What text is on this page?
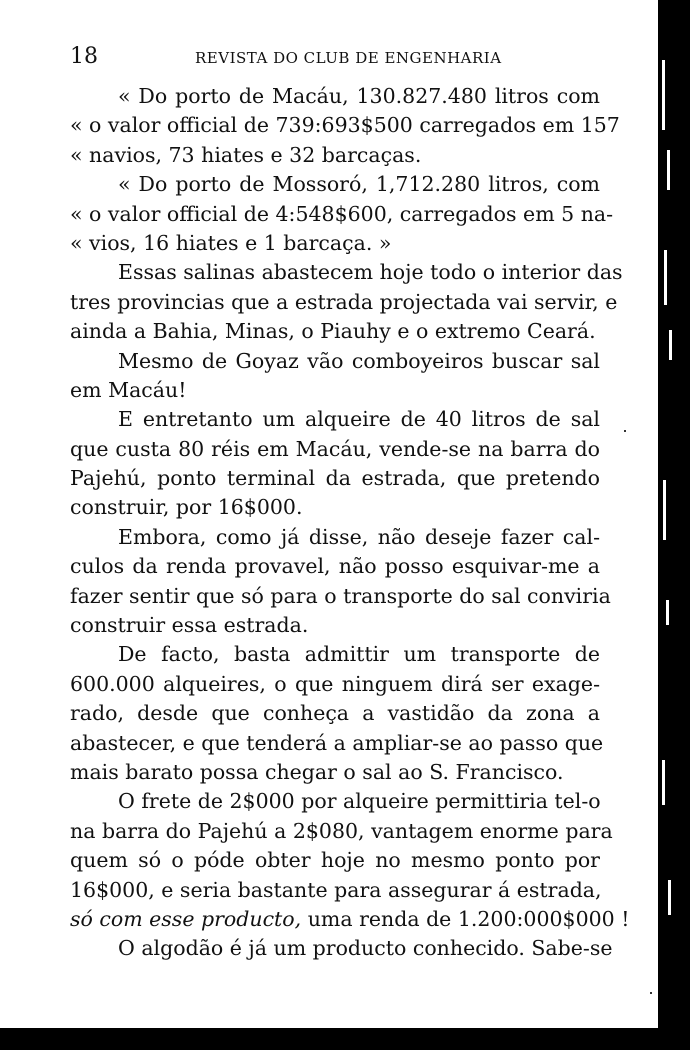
18	REVISTA DO CLUB DE ENGENHARIA
« Do porto de Macáu, 130.827.480 litros com
« o valor official de 739:693$500 carregados em 157
« navios, 73 hiates e 32 barcaças.
« Do porto de Mossoró, 1,712.280 litros, com
« o valor official de 4:548$600, carregados em 5 na-
« vios, 16 hiates e 1 barcaça. »
Essas salinas abastecem hoje todo o interior das
tres provincias que a estrada projectada vai servir, e
ainda a Bahia, Minas, o Piauhy e o extremo Ceará.
Mesmo de Goyaz vão comboyeiros buscar sal
em Macáu!
E entretanto um alqueire de 40 litros de sal
que custa 80 réis em Macáu, vende-se na barra do
Pajehú, ponto terminal da estrada, que pretendo
construir, por 16$000.
Embora, como já disse, não deseje fazer cal-
culos da renda provavel, não posso esquivar-me a
fazer sentir que só para o transporte do sal conviria
construir essa estrada.
De facto, basta admittir um transporte de
600.000 alqueires, o que ninguem dirá ser exage-
rado, desde que conheça a vastidão da zona a
abastecer, e que tenderá a ampliar-se ao passo que
mais barato possa chegar o sal ao S. Francisco.
O frete de 2$000 por alqueire permittiria tel-o
na barra do Pajehú a 2$080, vantagem enorme para
quem só o póde obter hoje no mesmo ponto por
16$000, e seria bastante para assegurar á estrada,
só com esse producto, uma renda de 1.200:000$000 !
O algodão é já um producto conhecido. Sabe-se
